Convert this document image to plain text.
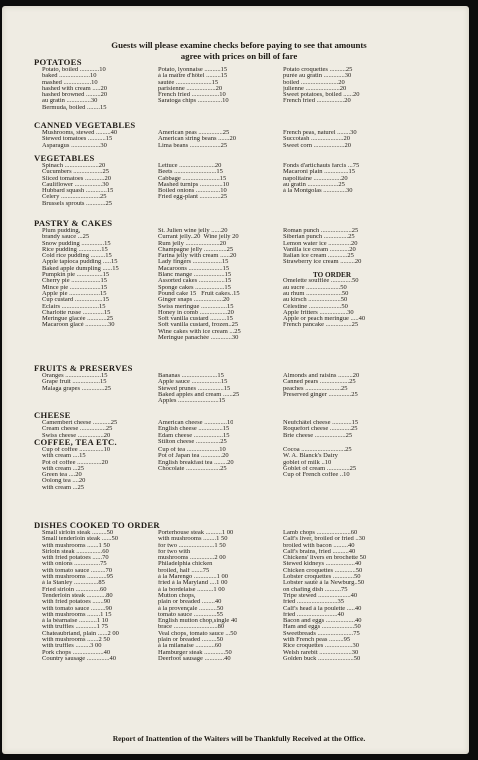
Guests will please examine checks before paying to see that amounts
agree with prices on bill of fare
POTATOES
Potato, boiled ............10
baked ...................10
mashed .................10
hashed with cream .....20
hashed browned .........20
au gratin ...............30
Bermuda, boiled ........15
Potato, lyonnaise ..........15
à la maître d'hôtel .........15
sautée ......................15
parisienne ..................20
French fried .................10
Saratoga chips ...............10
Potato croquettes ..........25
purée au gratin .............30
boiled .......................20
julienne .....................20
Sweet potatoes, boiled ......20
French fried .................20
CANNED VEGETABLES
Mushrooms, stewed .........40
Stewed tomatoes ...........15
Asparagus ..................30
American peas ...............25
American string beans .......20
Lima beans ...................25
French peas, naturel ........30
Succotash ....................20
Sweet corn ...................20
VEGETABLES
Spinach .....................20
Cucumbers ..................25
Sliced tomatoes ............20
Cauliflower .................30
Hubbard squash .............15
Celery ........................25
Brussels sprouts ............25
Lettuce ......................20
Beets ..........................15
Cabbage .......................15
Mashed turnips ..............10
Boiled onions ...............10
Fried egg-plant .............25
Fonds d'artichauts farcis ...75
Macaroni plain ...............15
napolitaine .................20
au gratin ...................25
à la Montgolas ..............30
PASTRY & CAKES
Plum pudding,
brandy sauce ...25
Snow pudding ..............15
Rice pudding ..............15
Cold rice pudding .........15
Apple tapioca pudding .....15
Baked apple dumpling ......15
Pumpkin pie ................15
Cherry pie ..................15
Mince pie ...................15
Apple pie ...................15
Cup custard .................15
Eclairs .......................15
Charlotte russe .............15
Meringue glacée ............25
Macaroon glacé ..............30
St. Julien wine jelly ......20
Currant jelly..20  Wine jelly 20
Rum jelly .....................20
Champagne jelly ..............25
Farina jelly with cream ......20
Lady fingers ..................15
Macaroons .....................15
Blanc mange ...................15
Assorted cakes ................15
Sponge cakes ..................15
Pound cake 15   Fruit cakes..15
Ginger snaps ..................20
Swiss meringue ................15
Honey in comb .................20
Soft vanilla custard ..........15
Soft vanilla custard, frozen..25
Wine cakes with ice cream ...25
Meringue panachée .............30
Roman punch ...................25
Siberian punch ...............25
Lemon water ice ..............20
Vanilla ice cream ............20
Italian ice cream ............25
Strawberry ice cream .........20
TO ORDER
Omelette soufflée .............50
au sucre .....................50
au rhum ......................50
au kirsch ....................50
Célestine ....................50
Apple fritters .................30
Apple or peach meringue .....40
French pancake ................25
FRUITS & PRESERVES
Oranges ......................15
Grape fruit .................15
Malaga grapes ..............25
Bananas ......................15
Apple sauce ..................15
Stewed prunes ................15
Baked apples and cream ......25
Apples .........................15
Almonds and raisins .........20
Canned pears ..................25
peaches ......................25
Preserved ginger ..............25
CHEESE
Camembert cheese ...........25
Cream cheese ................25
Swiss cheese ................20
American cheese ..............10
English cheese ...............15
Edam cheese ..................15
Stilton cheese ...............25
Neufchâtel cheese ............15
Roquefort cheese .............25
Brie cheese ...................25
COFFEE, TEA ETC.
Cup of coffee ...............10
with cream ....15
Pot of coffee ...............20
with cream ...25
Green tea ....20
Oolong tea ....20
with cream ...25
Cup of tea ....................10
Pot of Japan tea .............20
English breakfast tea ........20
Chocolate .....................25
Cocoa ...........................25
W. A. Blanck's Dairy
goblet of milk ..10
Goblet of cream ..............25
Cup of French coffee ..10
DISHES COOKED TO ORDER
Small sirloin steak .........50
Small tenderloin steak ......50
with mushrooms .......1 50
Sirloin steak ................60
with fried potatoes ......70
with onions ................75
with tomato sauce .........70
with mushrooms ............95
à la Stanley ...............85
Fried sirloin ...............60
Tenderloin steak ............80
with fried potatoes .......90
with tomato sauce .........90
with mushrooms ........1 15
à la béarnaise ...........1 10
with truffles .............1 75
Chateaubriand, plain ......2 00
with mushrooms .......2 50
with truffles .........3 00
Pork chops ...................40
Country sausage ..............40
Porterhouse steak ..........1 00
with mushrooms ........1 50
for two ......................1 50
for two with
mushrooms ...............2 00
Philadelphia chicken
broiled, half .......75
à la Marengo ..............1 00
fried à la Maryland ....1 00
à la bordelaise ..........1 00
Mutton chops,
plain or breaded ........40
à la provençale ...........50
tomato sauce ..............55
English mutton chop,single 40
brace ...........................80
Veal chops, tomato sauce ...50
plain or breaded .........50
à la milanaise ............60
Hamburger steak .............50
Deerfoot sausage ............40
Lamb chops .....................60
Calf's liver, broiled or fried ..30
broiled with bacon .........40
Calf's brains, fried ..........40
Chickens' livers en brochette 50
Stewed kidneys ..................40
Chicken croquettes .............50
Lobster croquettes .............50
Lobster sauté à la Newburg..50
on chafing dish ..........75
Tripe stewed ....................40
fried .........................35
Calf's head à la poulette .....40
fried .........................40
Bacon and eggs ..................40
Ham and eggs ....................50
Sweetbreads ......................75
with French peas .........95
Rice croquettes .................30
Welsh rarebit ....................30
Golden buck ......................50
Report of Inattention of the Waiters will be Thankfully Received at the Office.
